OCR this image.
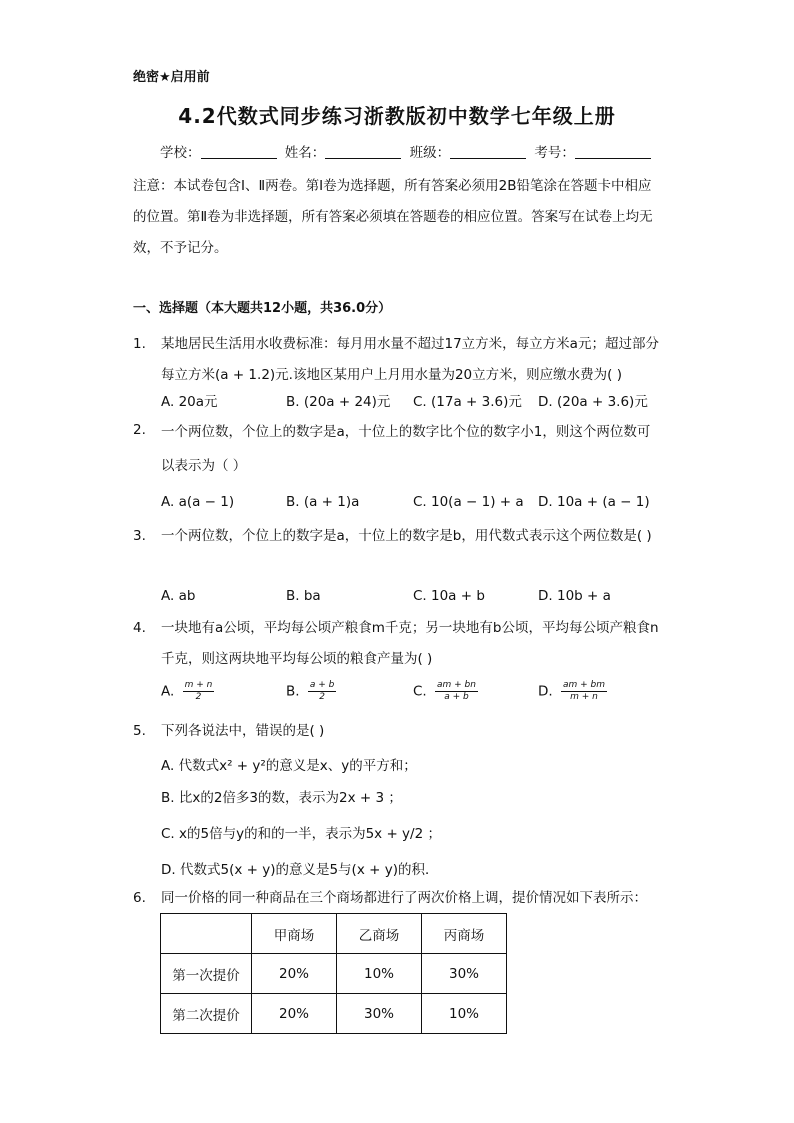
绝密★启用前
4.2代数式同步练习浙教版初中数学七年级上册
学校：	姓名：	班级：	考号：
注意：本试卷包含Ⅰ、Ⅱ两卷。第Ⅰ卷为选择题，所有答案必须用2B铅笔涂在答题卡中相应的位置。第Ⅱ卷为非选择题，所有答案必须填在答题卷的相应位置。答案写在试卷上均无效，不予记分。
一、选择题（本大题共12小题，共36.0分）
1. 某地居民生活用水收费标准：每月用水量不超过17立方米，每立方米a元；超过部分每立方米(a + 1.2)元.该地区某用户上月用水量为20立方米，则应缴水费为( )
A. 20a元	B. (20a + 24)元 C. (17a + 3.6)元 D. (20a + 3.6)元
2. 一个两位数，个位上的数字是a，十位上的数字比个位的数字小1，则这个两位数可以表示为（ ）
A. a(a − 1)	B. (a + 1)a	C. 10(a − 1) + a D. 10a + (a − 1)
3. 一个两位数，个位上的数字是a，十位上的数字是b，用代数式表示这个两位数是( )
A. ab	B. ba	C. 10a + b	D. 10b + a
4. 一块地有a公顷，平均每公顷产粮食m千克；另一块地有b公顷，平均每公顷产粮食n千克，则这两块地平均每公顷的粮食产量为( )
A. $\frac{m + n}{2}$	B. $\frac{a + b}{2}$	C. $\frac{am + bn}{a + b}$	D. $\frac{am + bm}{m + n}$
5. 下列各说法中，错误的是( )
A. 代数式x² + y²的意义是x、y的平方和；
B. 比x的2倍多3的数，表示为2x + 3 ；
C. x的5倍与y的和的一半，表示为5x + y/2 ；
D. 代数式5(x + y)的意义是5与(x + y)的积．
6. 同一价格的同一种商品在三个商场都进行了两次价格上调，提价情况如下表所示：
	甲商场	乙商场	丙商场
第一次提价	20%	10%	30%
第二次提价	20%	30%	10%
